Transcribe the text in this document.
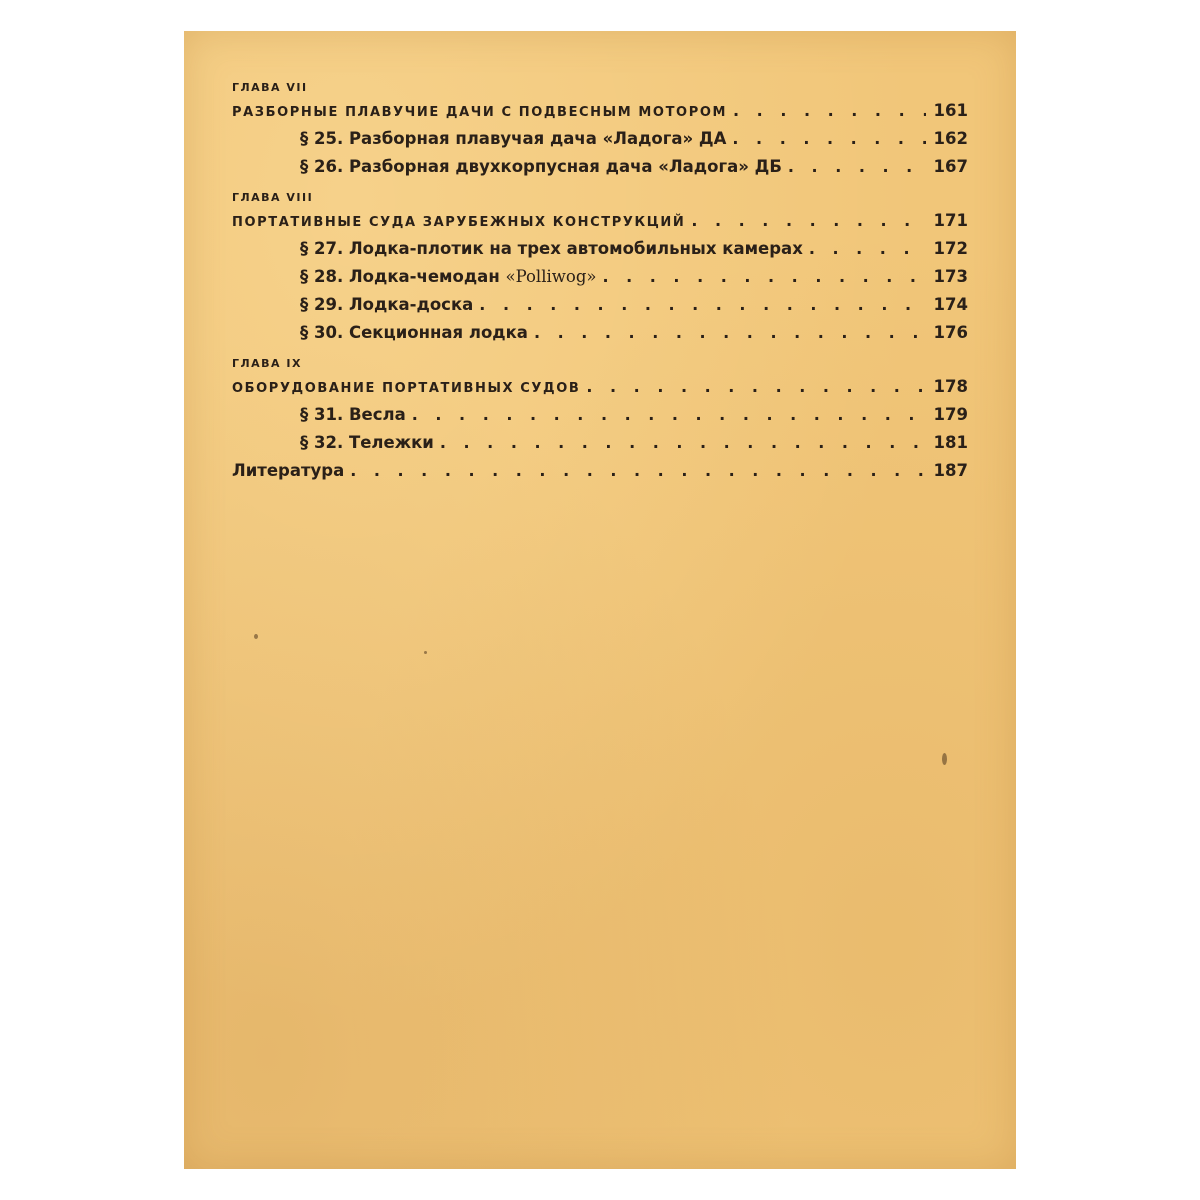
ГЛАВА VII
РАЗБОРНЫЕ ПЛАВУЧИЕ ДАЧИ С ПОДВЕСНЫМ МОТОРОМ . . .	161
§ 25. Разборная плавучая дача «Ладога» ДА . . .	162
§ 26. Разборная двухкорпусная дача «Ладога» ДБ . . .	167
ГЛАВА VIII
ПОРТАТИВНЫЕ СУДА ЗАРУБЕЖНЫХ КОНСТРУКЦИЙ . . .	171
§ 27. Лодка-плотик на трех автомобильных камерах . . .	172
§ 28. Лодка-чемодан «Polliwog» . . .	173
§ 29. Лодка-доска . . .	174
§ 30. Секционная лодка . . .	176
ГЛАВА IX
ОБОРУДОВАНИЕ ПОРТАТИВНЫХ СУДОВ . . .	178
§ 31. Весла . . .	179
§ 32. Тележки . . .	181
Литература . . .	187
